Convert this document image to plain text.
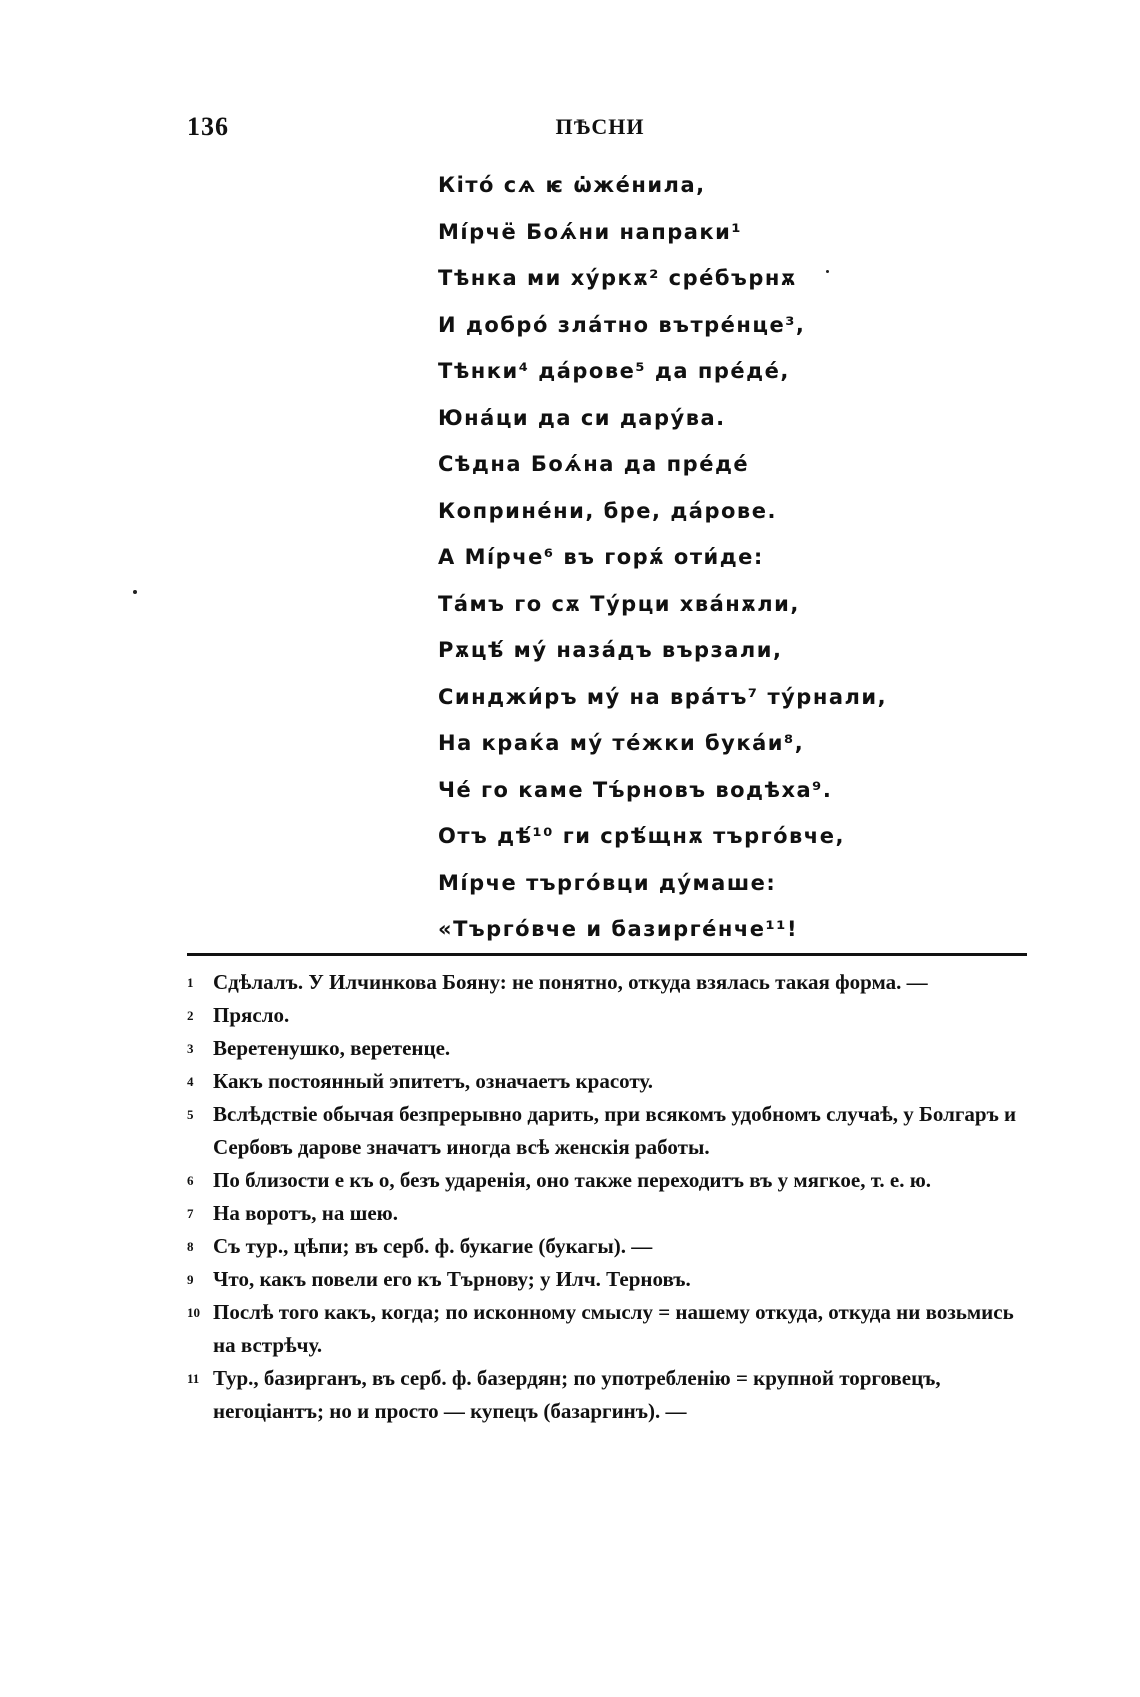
136	ПѢСНИ
Кітó сѧ ѥ ѡ̇же́нила,
Мі́рчё Боѧ́ни напраки¹
Тѣнка ми хýркѫ² сре́бърнѫ
И добрó злáтно вътре́нце³,
Тѣнки⁴ дáрове⁵ да пре́де́,
Юна́ци да си дарýва.
Сѣдна Боѧ́на да пре́де́
Коприне́ни, бре, дáрове.
А Мі́рче⁶ въ горѫ́ оти́де:
Тáмъ го сѫ Тýрци хвáнѫли,
Рѫцѣ́ мý назáдъ вързали,
Синджи́ръ мý на вра́тъ⁷ тýрнали,
На краќа мý те́жки букáи⁸,
Че́ го каме Тъ́рновъ водѣха⁹.
Отъ дѣ́¹⁰ ги срѣ́щнѫ търгóвче,
Мі́рче търгóвци дýмаше:
«Търгóвче и базирге́нче¹¹!
1 Сдѣлалъ. У Илчинкова Бояну: не понятно, откуда взялась такая форма. —
2 Прясло.
3 Веретенушко, веретенце.
4 Какъ постоянный эпитетъ, означаетъ красоту.
5 Вслѣдствіе обычая безпрерывно дарить, при всякомъ удобномъ случаѣ, у Болгаръ и Сербовъ дарове значатъ иногда всѣ женскія работы.
6 По близости е къ о, безъ ударенія, оно также переходитъ въ у мягкое, т. е. ю.
7 На воротъ, на шею.
8 Съ тур., цѣпи; въ серб. ф. букагие (букагы). —
9 Что, какъ повели его къ Търнову; у Илч. Терновъ.
10 Послѣ того какъ, когда; по исконному смыслу = нашему откуда, откуда ни возьмись на встрѣчу.
11 Тур., базирганъ, въ серб. ф. базердян; по употребленію = крупной торговецъ, негоціантъ; но и просто — купецъ (базаргинъ). —
